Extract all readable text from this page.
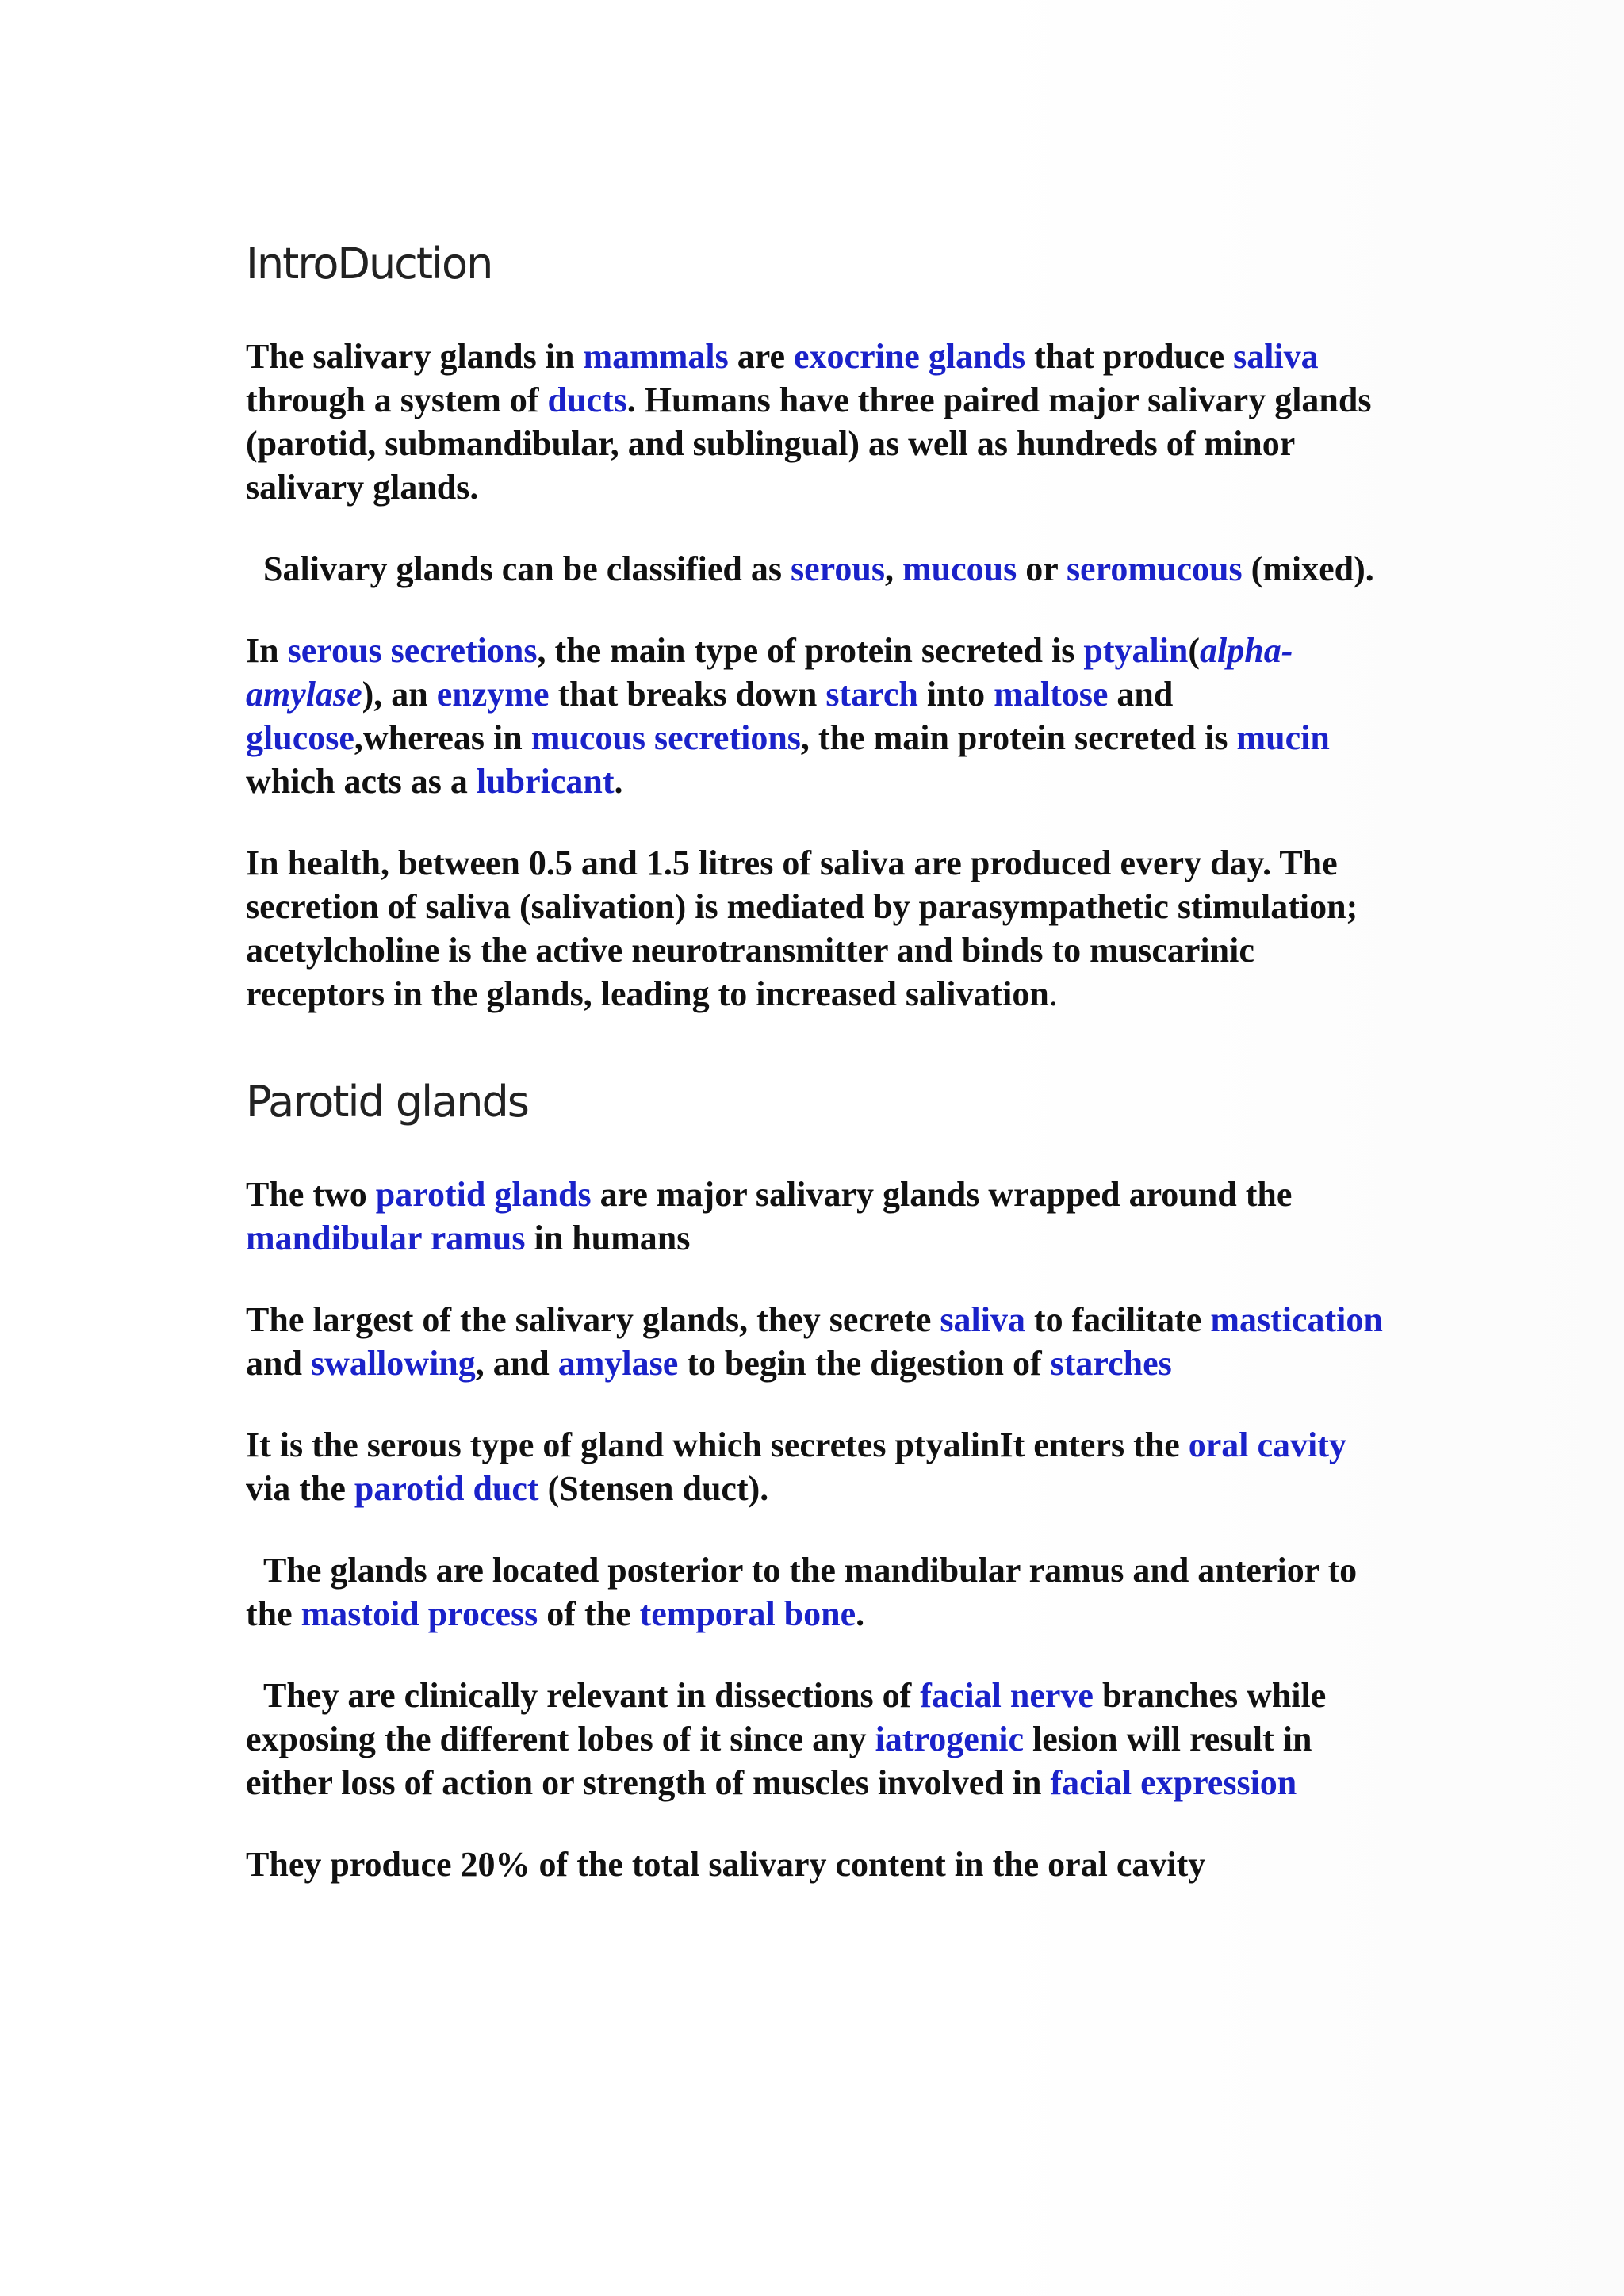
IntroDuction

The salivary glands in mammals are exocrine glands that produce saliva through a system of ducts. Humans have three paired major salivary glands (parotid, submandibular, and sublingual) as well as hundreds of minor salivary glands.

Salivary glands can be classified as serous, mucous or seromucous (mixed).

In serous secretions, the main type of protein secreted is ptyalin(alpha-amylase), an enzyme that breaks down starch into maltose and glucose,whereas in mucous secretions, the main protein secreted is mucin which acts as a lubricant.

In health, between 0.5 and 1.5 litres of saliva are produced every day. The secretion of saliva (salivation) is mediated by parasympathetic stimulation; acetylcholine is the active neurotransmitter and binds to muscarinic receptors in the glands, leading to increased salivation.

Parotid glands

The two parotid glands are major salivary glands wrapped around the mandibular ramus in humans

The largest of the salivary glands, they secrete saliva to facilitate mastication and swallowing, and amylase to begin the digestion of starches

It is the serous type of gland which secretes ptyalinIt enters the oral cavity via the parotid duct (Stensen duct).

The glands are located posterior to the mandibular ramus and anterior to the mastoid process of the temporal bone.

They are clinically relevant in dissections of facial nerve branches while exposing the different lobes of it since any iatrogenic lesion will result in either loss of action or strength of muscles involved in facial expression

They produce 20% of the total salivary content in the oral cavity
